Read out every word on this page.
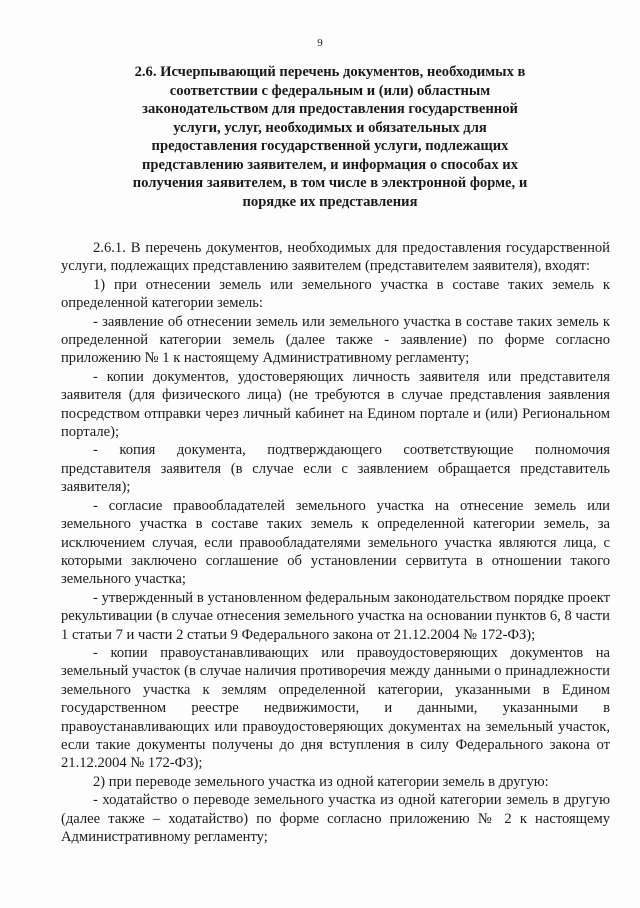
9
2.6. Исчерпывающий перечень документов, необходимых в соответствии с федеральным и (или) областным законодательством для предоставления государственной услуги, услуг, необходимых и обязательных для предоставления государственной услуги, подлежащих представлению заявителем, и информация о способах их получения заявителем, в том числе в электронной форме, и порядке их представления

2.6.1. В перечень документов, необходимых для предоставления государственной услуги, подлежащих представлению заявителем (представителем заявителя), входят:

1) при отнесении земель или земельного участка в составе таких земель к определенной категории земель:

- заявление об отнесении земель или земельного участка в составе таких земель к определенной категории земель (далее также - заявление) по форме согласно приложению № 1 к настоящему Административному регламенту;

- копии документов, удостоверяющих личность заявителя или представителя заявителя (для физического лица) (не требуются в случае представления заявления посредством отправки через личный кабинет на Едином портале и (или) Региональном портале);

- копия документа, подтверждающего соответствующие полномочия представителя заявителя (в случае если с заявлением обращается представитель заявителя);

- согласие правообладателей земельного участка на отнесение земель или земельного участка в составе таких земель к определенной категории земель, за исключением случая, если правообладателями земельного участка являются лица, с которыми заключено соглашение об установлении сервитута в отношении такого земельного участка;

- утвержденный в установленном федеральным законодательством порядке проект рекультивации (в случае отнесения земельного участка на основании пунктов 6, 8 части 1 статьи 7 и части 2 статьи 9 Федерального закона от 21.12.2004 № 172-ФЗ);

- копии правоустанавливающих или правоудостоверяющих документов на земельный участок (в случае наличия противоречия между данными о принадлежности земельного участка к землям определенной категории, указанными в Едином государственном реестре недвижимости, и данными, указанными в правоустанавливающих или правоудостоверяющих документах на земельный участок, если такие документы получены до дня вступления в силу Федерального закона от 21.12.2004 № 172-ФЗ);

2) при переводе земельного участка из одной категории земель в другую:

- ходатайство о переводе земельного участка из одной категории земель в другую (далее также – ходатайство) по форме согласно приложению № 2 к настоящему Административному регламенту;
